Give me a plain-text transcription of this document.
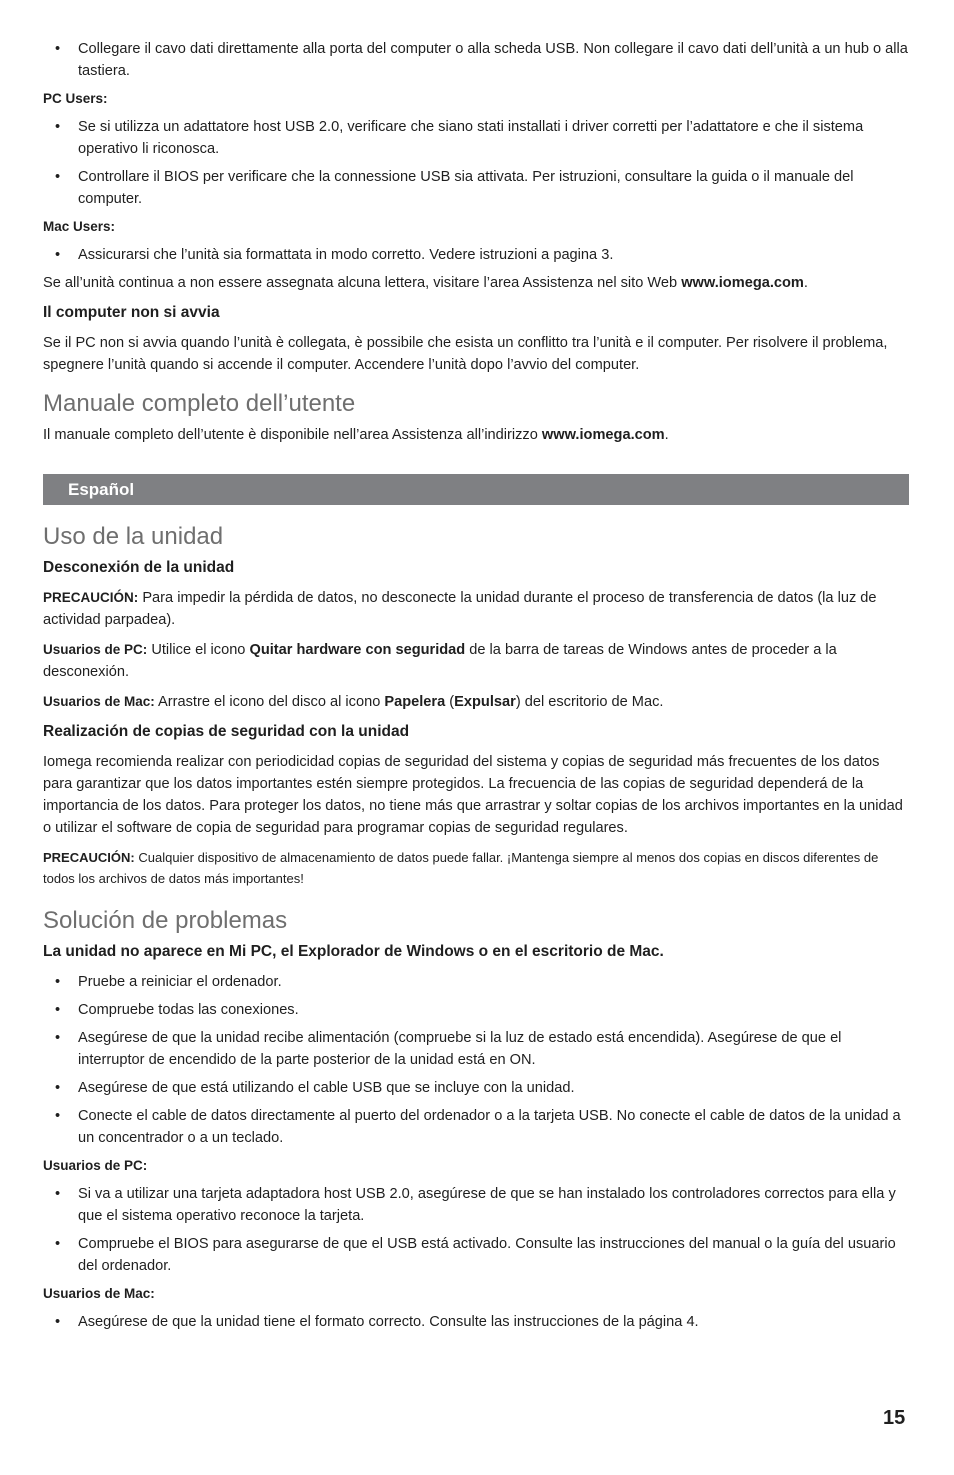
• Collegare il cavo dati direttamente alla porta del computer o alla scheda USB. Non collegare il cavo dati dell’unità a un hub o alla tastiera.

PC Users:

• Se si utilizza un adattatore host USB 2.0, verificare che siano stati installati i driver corretti per l’adattatore e che il sistema operativo li riconosca.

• Controllare il BIOS per verificare che la connessione USB sia attivata. Per istruzioni, consultare la guida o il manuale del computer.

Mac Users:

• Assicurarsi che l’unità sia formattata in modo corretto. Vedere istruzioni a pagina 3.

Se all’unità continua a non essere assegnata alcuna lettera, visitare l’area Assistenza nel sito Web www.iomega.com.

Il computer non si avvia

Se il PC non si avvia quando l’unità è collegata, è possibile che esista un conflitto tra l’unità e il computer. Per risolvere il problema, spegnere l’unità quando si accende il computer. Accendere l’unità dopo l’avvio del computer.

Manuale completo dell’utente

Il manuale completo dell’utente è disponibile nell’area Assistenza all’indirizzo www.iomega.com.

Español
Uso de la unidad

Desconexión de la unidad

PRECAUCIÓN: Para impedir la pérdida de datos, no desconecte la unidad durante el proceso de transferencia de datos (la luz de actividad parpadea).

Usuarios de PC: Utilice el icono Quitar hardware con seguridad de la barra de tareas de Windows antes de proceder a la desconexión.

Usuarios de Mac: Arrastre el icono del disco al icono Papelera (Expulsar) del escritorio de Mac.

Realización de copias de seguridad con la unidad

Iomega recomienda realizar con periodicidad copias de seguridad del sistema y copias de seguridad más frecuentes de los datos para garantizar que los datos importantes estén siempre protegidos. La frecuencia de las copias de seguridad dependerá de la importancia de los datos. Para proteger los datos, no tiene más que arrastrar y soltar copias de los archivos importantes en la unidad o utilizar el software de copia de seguridad para programar copias de seguridad regulares.

PRECAUCIÓN: Cualquier dispositivo de almacenamiento de datos puede fallar. ¡Mantenga siempre al menos dos copias en discos diferentes de todos los archivos de datos más importantes!

Solución de problemas

La unidad no aparece en Mi PC, el Explorador de Windows o en el escritorio de Mac.

• Pruebe a reiniciar el ordenador.

• Compruebe todas las conexiones.

• Asegúrese de que la unidad recibe alimentación (compruebe si la luz de estado está encendida). Asegúrese de que el interruptor de encendido de la parte posterior de la unidad está en ON.

• Asegúrese de que está utilizando el cable USB que se incluye con la unidad.

• Conecte el cable de datos directamente al puerto del ordenador o a la tarjeta USB. No conecte el cable de datos de la unidad a un concentrador o a un teclado.

Usuarios de PC:

• Si va a utilizar una tarjeta adaptadora host USB 2.0, asegúrese de que se han instalado los controladores correctos para ella y que el sistema operativo reconoce la tarjeta.

• Compruebe el BIOS para asegurarse de que el USB está activado. Consulte las instrucciones del manual o la guía del usuario del ordenador.

Usuarios de Mac:

• Asegúrese de que la unidad tiene el formato correcto. Consulte las instrucciones de la página 4.

15
